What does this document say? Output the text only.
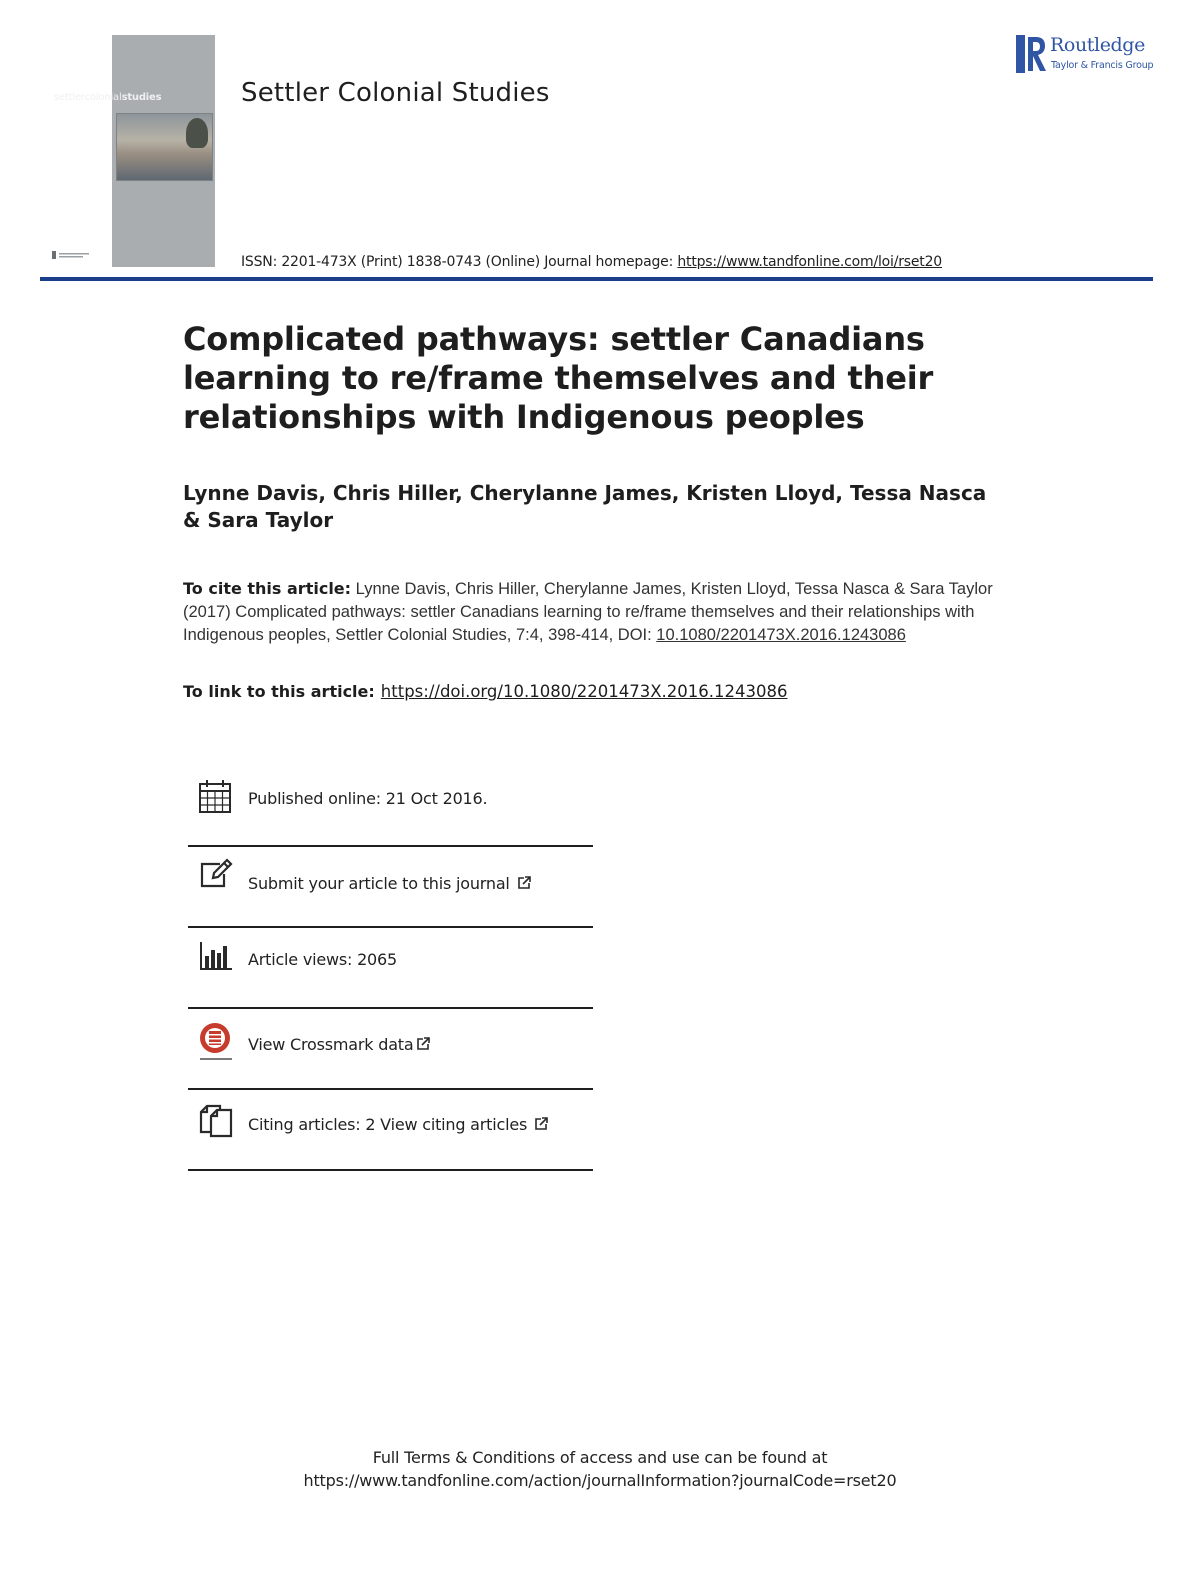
settlercolonialstudies	Settler Colonial Studies
ISSN: 2201-473X (Print) 1838-0743 (Online) Journal homepage: https://www.tandfonline.com/loi/rset20
Routledge
Taylor & Francis Group
Complicated pathways: settler Canadians learning to re/frame themselves and their relationships with Indigenous peoples
Lynne Davis, Chris Hiller, Cherylanne James, Kristen Lloyd, Tessa Nasca & Sara Taylor
To cite this article: Lynne Davis, Chris Hiller, Cherylanne James, Kristen Lloyd, Tessa Nasca & Sara Taylor (2017) Complicated pathways: settler Canadians learning to re/frame themselves and their relationships with Indigenous peoples, Settler Colonial Studies, 7:4, 398-414, DOI: 10.1080/2201473X.2016.1243086
To link to this article: https://doi.org/10.1080/2201473X.2016.1243086
Published online: 21 Oct 2016.
Submit your article to this journal
Article views: 2065
View Crossmark data
Citing articles: 2 View citing articles
Full Terms & Conditions of access and use can be found at
https://www.tandfonline.com/action/journalInformation?journalCode=rset20
